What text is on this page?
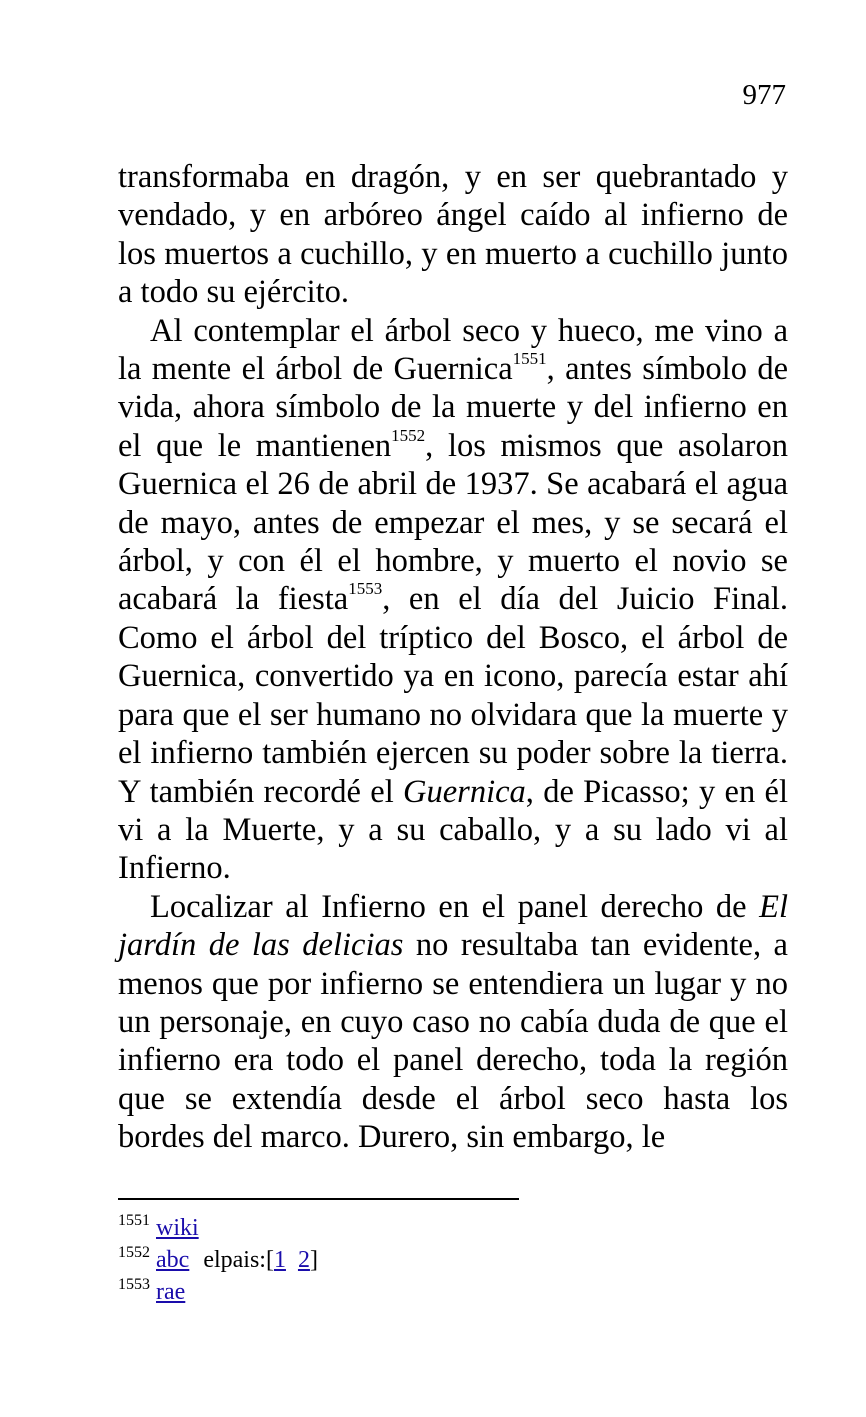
977

transformaba en dragón, y en ser quebrantado y vendado, y en arbóreo ángel caído al infierno de los muertos a cuchillo, y en muerto a cuchillo junto a todo su ejército.

Al contemplar el árbol seco y hueco, me vino a la mente el árbol de Guernica$^{1551}$, antes símbolo de vida, ahora símbolo de la muerte y del infierno en el que le mantienen$^{1552}$, los mismos que asolaron Guernica el 26 de abril de 1937. Se acabará el agua de mayo, antes de empezar el mes, y se secará el árbol, y con él el hombre, y muerto el novio se acabará la fiesta$^{1553}$, en el día del Juicio Final. Como el árbol del tríptico del Bosco, el árbol de Guernica, convertido ya en icono, parecía estar ahí para que el ser humano no olvidara que la muerte y el infierno también ejercen su poder sobre la tierra. Y también recordé el Guernica, de Picasso; y en él vi a la Muerte, y a su caballo, y a su lado vi al Infierno.

Localizar al Infierno en el panel derecho de El jardín de las delicias no resultaba tan evidente, a menos que por infierno se entendiera un lugar y no un personaje, en cuyo caso no cabía duda de que el infierno era todo el panel derecho, toda la región que se extendía desde el árbol seco hasta los bordes del marco. Durero, sin embargo, le

$^{1551}$ wiki
$^{1552}$ abc elpais:[1 2]
$^{1553}$ rae
